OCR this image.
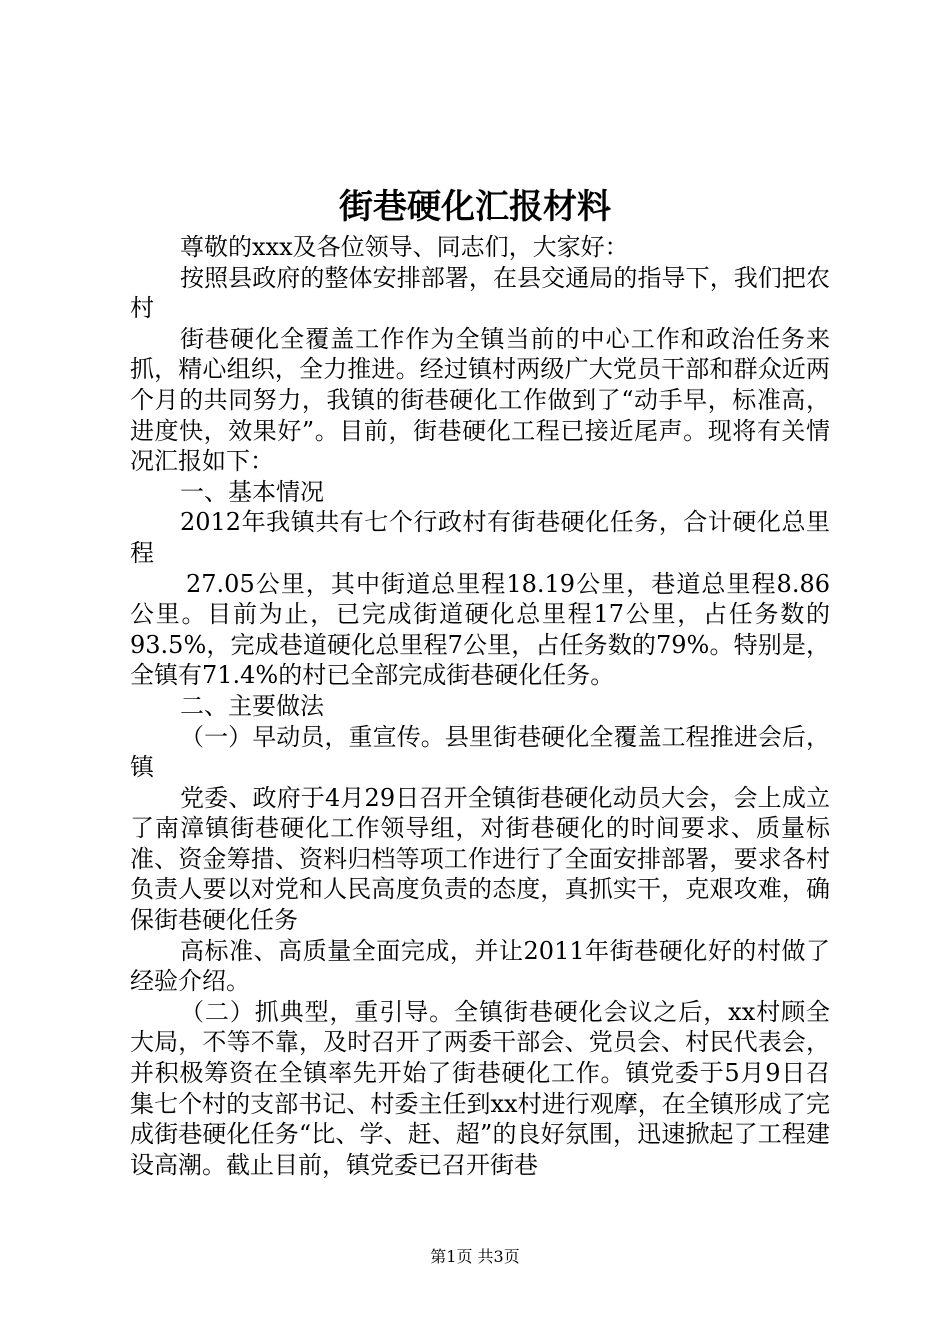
街巷硬化汇报材料

尊敬的xxx及各位领导、同志们，大家好：

按照县政府的整体安排部署，在县交通局的指导下，我们把农村

街巷硬化全覆盖工作作为全镇当前的中心工作和政治任务来抓，精心组织，全力推进。经过镇村两级广大党员干部和群众近两个月的共同努力，我镇的街巷硬化工作做到了“动手早，标准高，进度快，效果好”。目前，街巷硬化工程已接近尾声。现将有关情况汇报如下：

一、基本情况

2012年我镇共有七个行政村有街巷硬化任务，合计硬化总里程

27.05公里，其中街道总里程18.19公里，巷道总里程8.86公里。目前为止，已完成街道硬化总里程17公里，占任务数的93.5%，完成巷道硬化总里程7公里，占任务数的79%。特别是，全镇有71.4%的村已全部完成街巷硬化任务。

二、主要做法

（一）早动员，重宣传。县里街巷硬化全覆盖工程推进会后，镇

党委、政府于4月29日召开全镇街巷硬化动员大会，会上成立了南漳镇街巷硬化工作领导组，对街巷硬化的时间要求、质量标准、资金筹措、资料归档等项工作进行了全面安排部署，要求各村负责人要以对党和人民高度负责的态度，真抓实干，克艰攻难，确保街巷硬化任务

高标准、高质量全面完成，并让2011年街巷硬化好的村做了经验介绍。

（二）抓典型，重引导。全镇街巷硬化会议之后，xx村顾全大局，不等不靠，及时召开了两委干部会、党员会、村民代表会，并积极筹资在全镇率先开始了街巷硬化工作。镇党委于5月9日召集七个村的支部书记、村委主任到xx村进行观摩，在全镇形成了完成街巷硬化任务“比、学、赶、超”的良好氛围，迅速掀起了工程建设高潮。截止目前，镇党委已召开街巷

第1页 共3页
